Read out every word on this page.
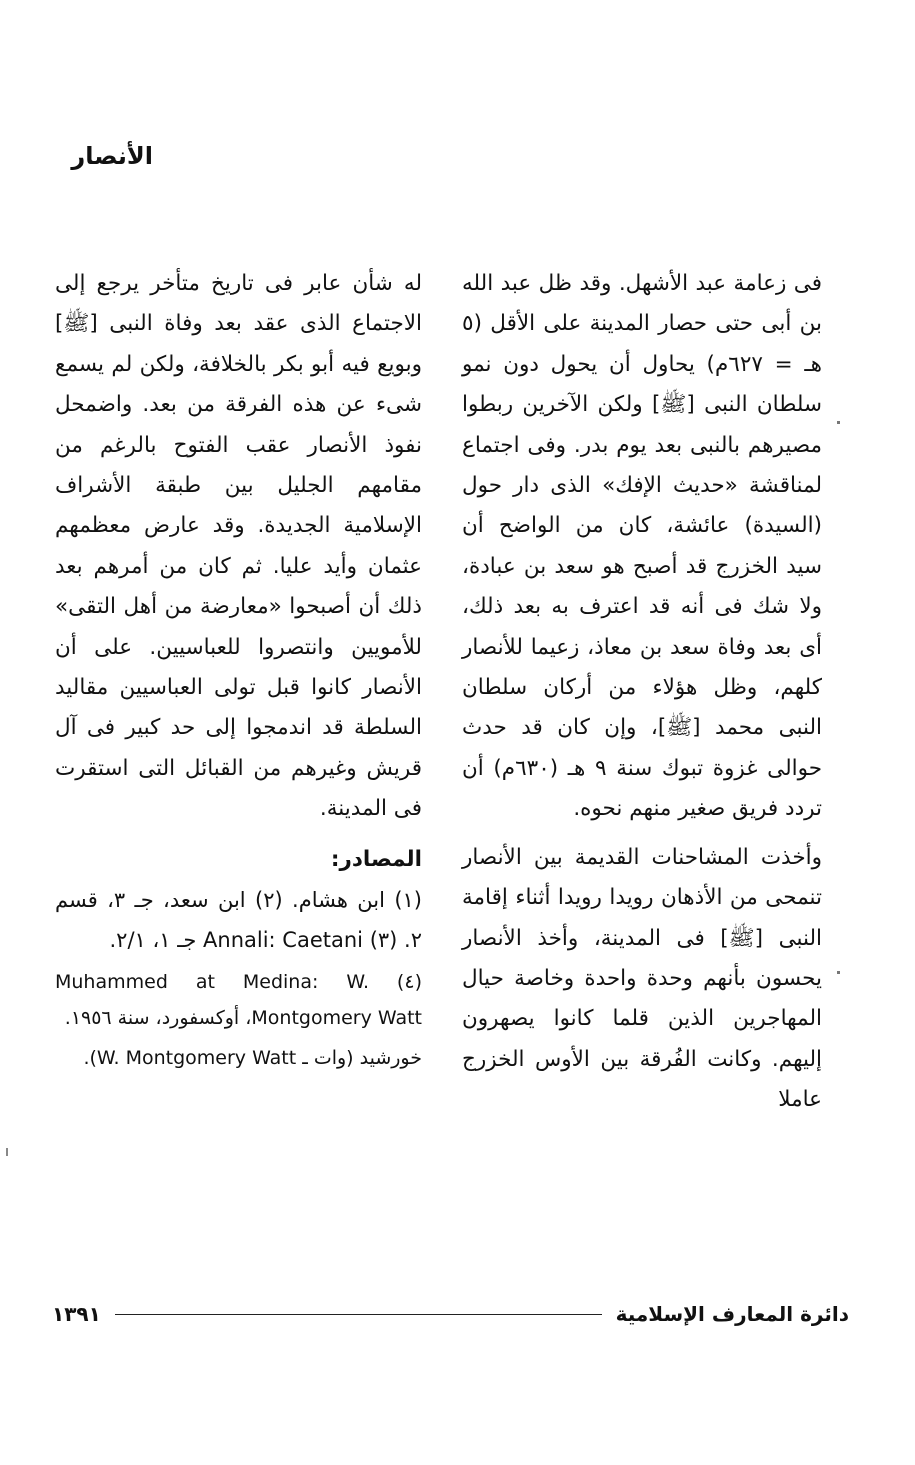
الأنصار

فى زعامة عبد الأشهل. وقد ظل عبد الله بن أبى حتى حصار المدينة على الأقل (٥ هـ = ٦٢٧م) يحاول أن يحول دون نمو سلطان النبى [ﷺ] ولكن الآخرين ربطوا مصيرهم بالنبى بعد يوم بدر. وفى اجتماع لمناقشة «حديث الإفك» الذى دار حول (السيدة) عائشة، كان من الواضح أن سيد الخزرج قد أصبح هو سعد بن عبادة، ولا شك فى أنه قد اعترف به بعد ذلك، أى بعد وفاة سعد بن معاذ، زعيما للأنصار كلهم، وظل هؤلاء من أركان سلطان النبى محمد [ﷺ]، وإن كان قد حدث حوالى غزوة تبوك سنة ٩ هـ (٦٣٠م) أن تردد فريق صغير منهم نحوه.

وأخذت المشاحنات القديمة بين الأنصار تنمحى من الأذهان رويدا رويدا أثناء إقامة النبى [ﷺ] فى المدينة، وأخذ الأنصار يحسون بأنهم وحدة واحدة وخاصة حيال المهاجرين الذين قلما كانوا يصهرون إليهم. وكانت الفُرقة بين الأوس الخزرج عاملا

له شأن عابر فى تاريخ متأخر يرجع إلى الاجتماع الذى عقد بعد وفاة النبى [ﷺ] وبويع فيه أبو بكر بالخلافة، ولكن لم يسمع شىء عن هذه الفرقة من بعد. واضمحل نفوذ الأنصار عقب الفتوح بالرغم من مقامهم الجليل بين طبقة الأشراف الإسلامية الجديدة. وقد عارض معظمهم عثمان وأيد عليا. ثم كان من أمرهم بعد ذلك أن أصبحوا «معارضة من أهل التقى» للأمويين وانتصروا للعباسيين. على أن الأنصار كانوا قبل تولى العباسيين مقاليد السلطة قد اندمجوا إلى حد كبير فى آل قريش وغيرهم من القبائل التى استقرت فى المدينة.

المصادر:

(١) ابن هشام. (٢) ابن سعد، جـ ٣، قسم ٢. (٣) Annali: Caetani جـ ١، ٢/١.

(٤) Muhammed at Medina: W. Montgomery Watt، أوكسفورد، سنة ١٩٥٦.

خورشيد (وات ـ W. Montgomery Watt).

دائرة المعارف الإسلامية
١٣٩١
